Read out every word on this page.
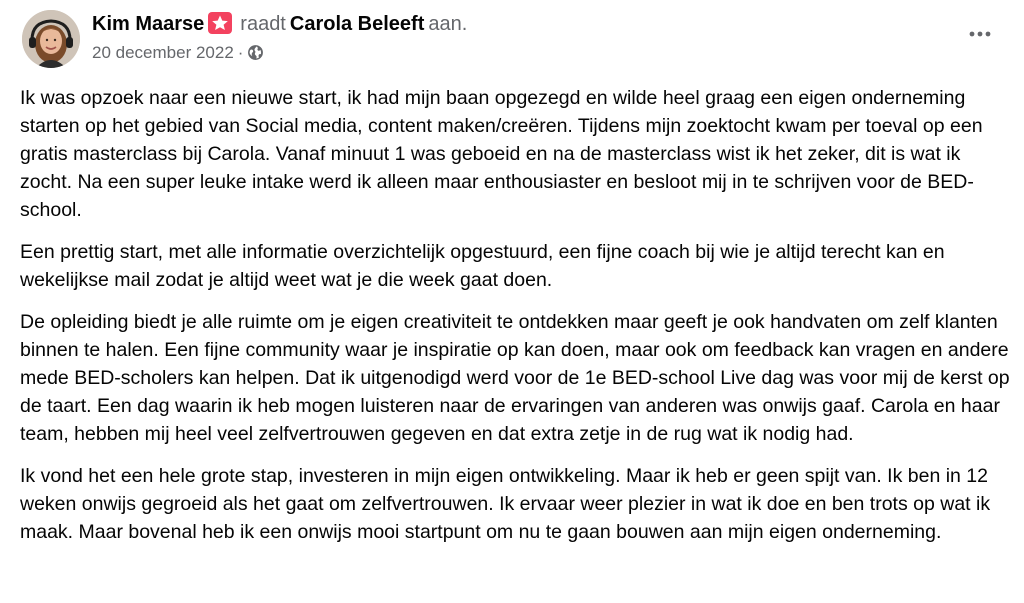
Kim Maarse raadt Carola Beleeft aan.
20 december 2022 ·

Ik was opzoek naar een nieuwe start, ik had mijn baan opgezegd en wilde heel graag een eigen onderneming starten op het gebied van Social media, content maken/creëren. Tijdens mijn zoektocht kwam per toeval op een gratis masterclass bij Carola. Vanaf minuut 1 was geboeid en na de masterclass wist ik het zeker, dit is wat ik zocht. Na een super leuke intake werd ik alleen maar enthousiaster en besloot mij in te schrijven voor de BED-school.

Een prettig start, met alle informatie overzichtelijk opgestuurd, een fijne coach bij wie je altijd terecht kan en wekelijkse mail zodat je altijd weet wat je die week gaat doen.

De opleiding biedt je alle ruimte om je eigen creativiteit te ontdekken maar geeft je ook handvaten om zelf klanten binnen te halen. Een fijne community waar je inspiratie op kan doen, maar ook om feedback kan vragen en andere mede BED-scholers kan helpen. Dat ik uitgenodigd werd voor de 1e BED-school Live dag was voor mij de kerst op de taart. Een dag waarin ik heb mogen luisteren naar de ervaringen van anderen was onwijs gaaf. Carola en haar team, hebben mij heel veel zelfvertrouwen gegeven en dat extra zetje in de rug wat ik nodig had.

Ik vond het een hele grote stap, investeren in mijn eigen ontwikkeling. Maar ik heb er geen spijt van. Ik ben in 12 weken onwijs gegroeid als het gaat om zelfvertrouwen. Ik ervaar weer plezier in wat ik doe en ben trots op wat ik maak. Maar bovenal heb ik een onwijs mooi startpunt om nu te gaan bouwen aan mijn eigen onderneming.
